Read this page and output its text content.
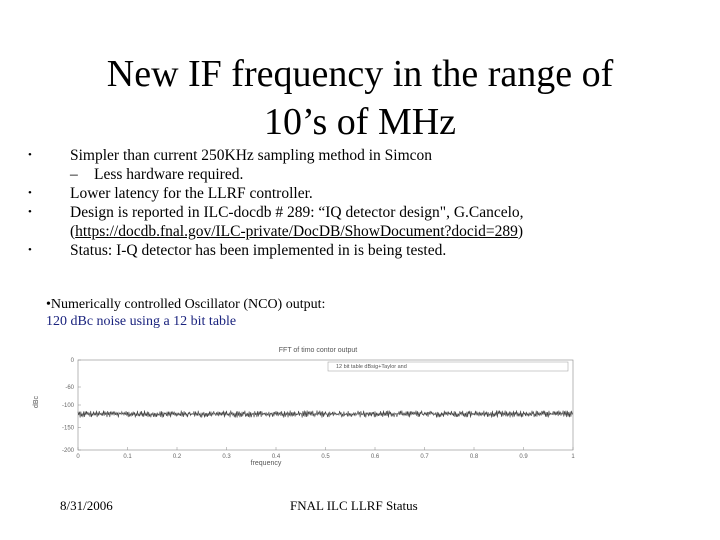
New IF frequency in the range of
10’s of MHz
• Simpler than current 250KHz sampling method in Simcon
– Less hardware required.
• Lower latency for the LLRF controller.
• Design is reported in ILC-docdb # 289: “IQ detector design", G.Cancelo,
(https://docdb.fnal.gov/ILC-private/DocDB/ShowDocument?docid=289)
• Status: I-Q detector has been implemented in is being tested.
•Numerically controlled Oscillator (NCO) output:
120 dBc noise using a 12 bit table
FFT of timo contor output
0	0.1	0.2	0.3	0.4	0.5	0.6	0.7	0.8	0.9	1
0
-60
-100
-150
-200
frequency
dBc
12 bit table dBsig+Taylor and
8/31/2006	FNAL ILC LLRF Status
